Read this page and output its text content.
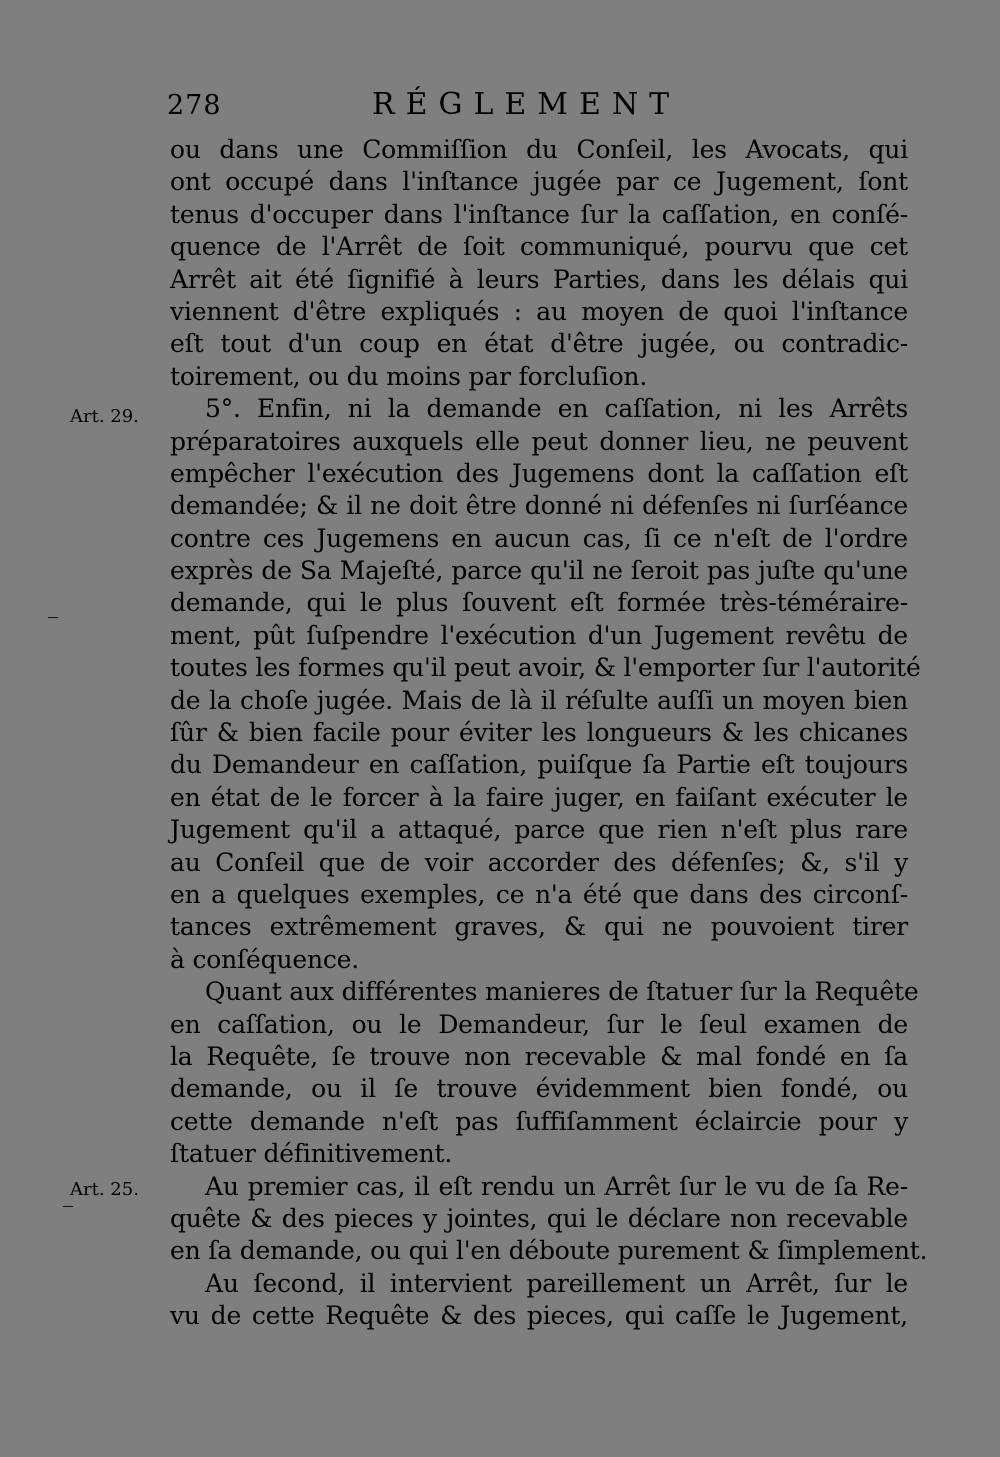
278	RÉGLEMENT
Art. 29.
Art. 25.
ou dans une Commiſſion du Conſeil, les Avocats, qui
ont occupé dans l'inſtance jugée par ce Jugement, ſont
tenus d'occuper dans l'inſtance ſur la caſſation, en conſé-
quence de l'Arrêt de ſoit communiqué, pourvu que cet
Arrêt ait été ſignifié à leurs Parties, dans les délais qui
viennent d'être expliqués : au moyen de quoi l'inſtance
eſt tout d'un coup en état d'être jugée, ou contradic-
toirement, ou du moins par forcluſion.
5°. Enfin, ni la demande en caſſation, ni les Arrêts
préparatoires auxquels elle peut donner lieu, ne peuvent
empêcher l'exécution des Jugemens dont la caſſation eſt
demandée; & il ne doit être donné ni défenſes ni ſurſéance
contre ces Jugemens en aucun cas, ſi ce n'eſt de l'ordre
exprès de Sa Majeſté, parce qu'il ne ſeroit pas juſte qu'une
demande, qui le plus ſouvent eſt formée très-téméraire-
ment, pût ſuſpendre l'exécution d'un Jugement revêtu de
toutes les formes qu'il peut avoir, & l'emporter ſur l'autorité
de la choſe jugée. Mais de là il réſulte auſſi un moyen bien
ſûr & bien facile pour éviter les longueurs & les chicanes
du Demandeur en caſſation, puiſque ſa Partie eſt toujours
en état de le forcer à la faire juger, en faiſant exécuter le
Jugement qu'il a attaqué, parce que rien n'eſt plus rare
au Conſeil que de voir accorder des défenſes; &, s'il y
en a quelques exemples, ce n'a été que dans des circonſ-
tances extrêmement graves, & qui ne pouvoient tirer
à conſéquence.
Quant aux différentes manieres de ſtatuer ſur la Requête
en caſſation, ou le Demandeur, ſur le ſeul examen de
la Requête, ſe trouve non recevable & mal fondé en ſa
demande, ou il ſe trouve évidemment bien fondé, ou
cette demande n'eſt pas ſuffiſamment éclaircie pour y
ſtatuer définitivement.
Au premier cas, il eſt rendu un Arrêt ſur le vu de ſa Re-
quête & des pieces y jointes, qui le déclare non recevable
en ſa demande, ou qui l'en déboute purement & ſimplement.
Au ſecond, il intervient pareillement un Arrêt, ſur le
vu de cette Requête & des pieces, qui caſſe le Jugement,
